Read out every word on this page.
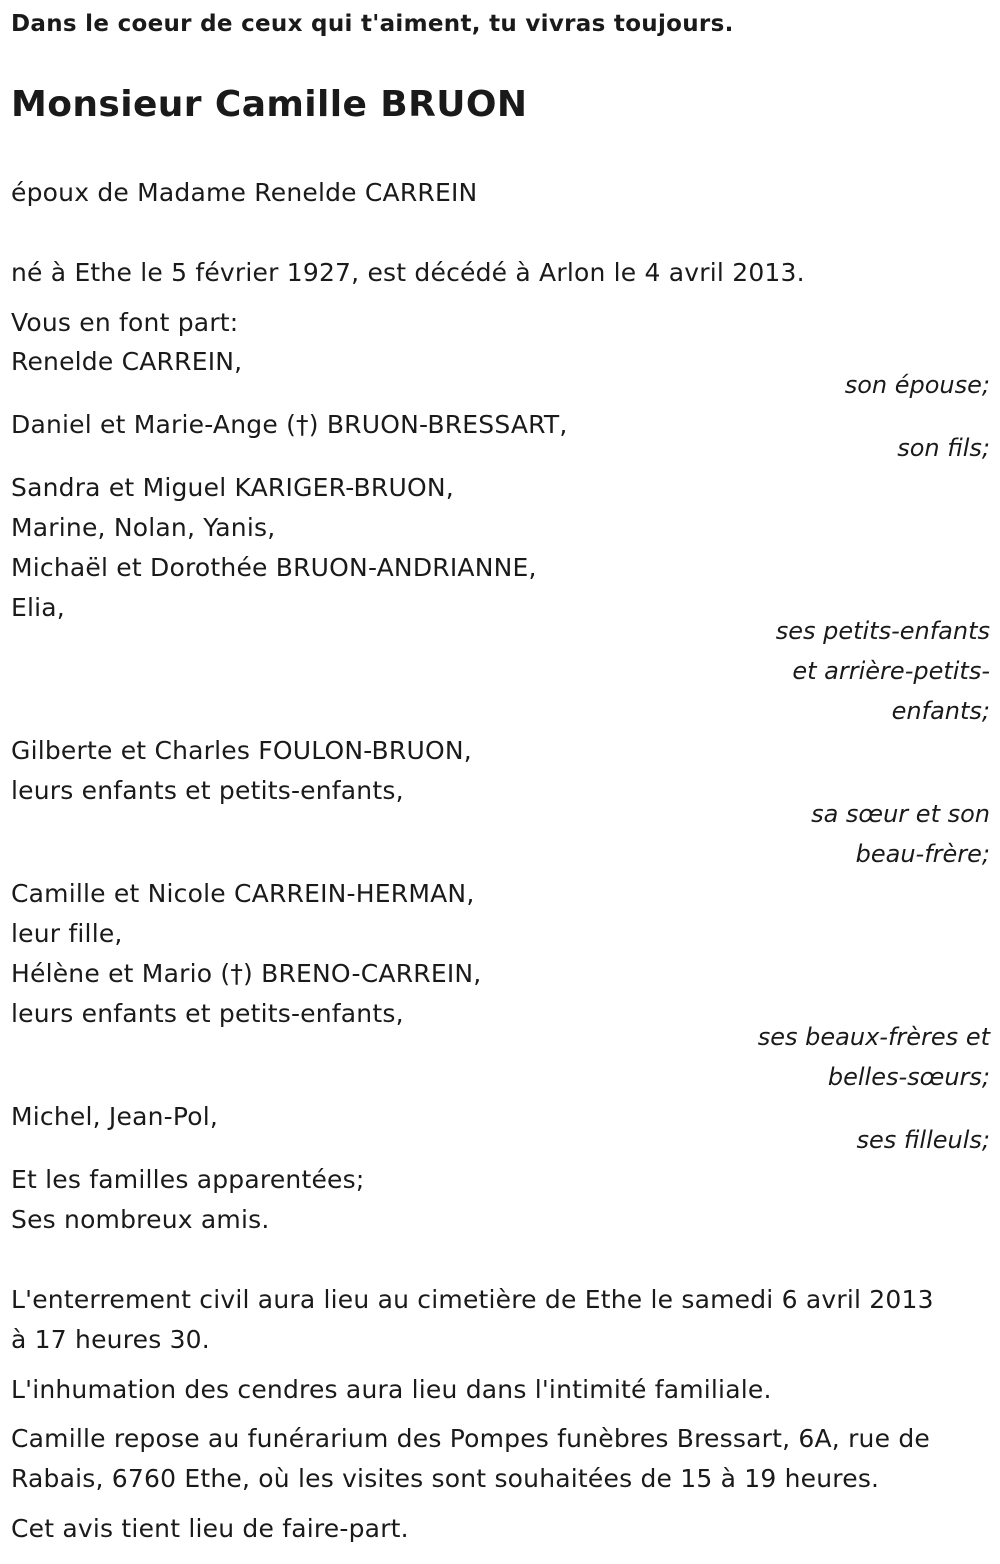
Dans le coeur de ceux qui t'aiment, tu vivras toujours.
Monsieur Camille BRUON
époux de Madame Renelde CARREIN
né à Ethe le 5 février 1927, est décédé à Arlon le 4 avril 2013.
Vous en font part:
Renelde CARREIN,
son épouse;
Daniel et Marie-Ange (†) BRUON-BRESSART,
son fils;
Sandra et Miguel KARIGER-BRUON,
Marine, Nolan, Yanis,
Michaël et Dorothée BRUON-ANDRIANNE,
Elia,
ses petits-enfants
et arrière-petits-
enfants;
Gilberte et Charles FOULON-BRUON,
leurs enfants et petits-enfants,
sa sœur et son
beau-frère;
Camille et Nicole CARREIN-HERMAN,
leur fille,
Hélène et Mario (†) BRENO-CARREIN,
leurs enfants et petits-enfants,
ses beaux-frères et
belles-sœurs;
Michel, Jean-Pol,
ses filleuls;
Et les familles apparentées;
Ses nombreux amis.
L'enterrement civil aura lieu au cimetière de Ethe le samedi 6 avril 2013
à 17 heures 30.
L'inhumation des cendres aura lieu dans l'intimité familiale.
Camille repose au funérarium des Pompes funèbres Bressart, 6A, rue de
Rabais, 6760 Ethe, où les visites sont souhaitées de 15 à 19 heures.
Cet avis tient lieu de faire-part.
